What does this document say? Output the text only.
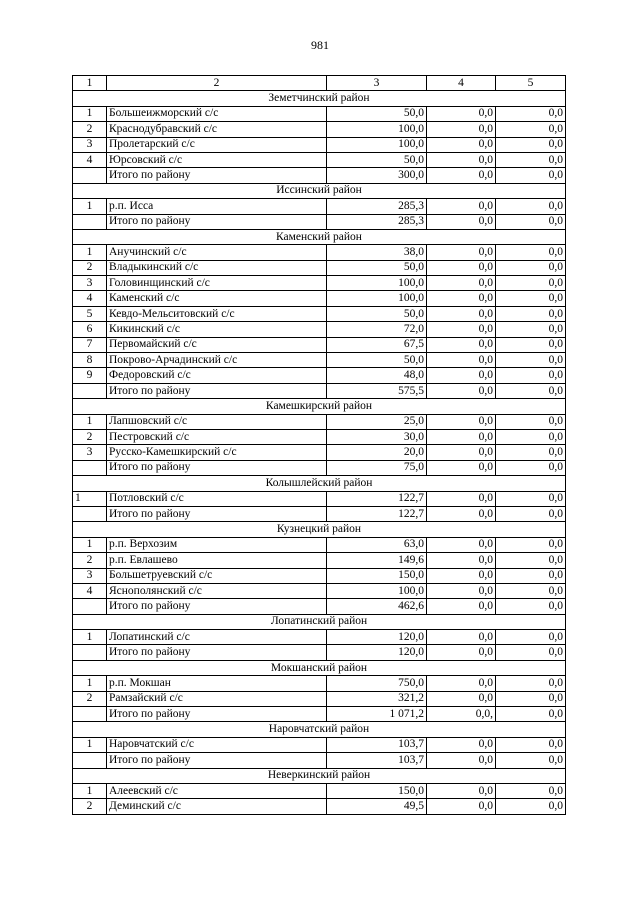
981
1	2	3	4	5
Земетчинский район				
1	Большеижморский с/с	50,0	0,0	0,0
2	Краснодубравский с/с	100,0	0,0	0,0
3	Пролетарский с/с	100,0	0,0	0,0
4	Юрсовский с/с	50,0	0,0	0,0
	Итого по району	300,0	0,0	0,0
Иссинский район				
1	р.п. Исса	285,3	0,0	0,0
	Итого по району	285,3	0,0	0,0
Каменский район				
1	Анучинский с/с	38,0	0,0	0,0
2	Владыкинский с/с	50,0	0,0	0,0
3	Головинщинский с/с	100,0	0,0	0,0
4	Каменский с/с	100,0	0,0	0,0
5	Кевдо-Мельситовский с/с	50,0	0,0	0,0
6	Кикинский с/с	72,0	0,0	0,0
7	Первомайский с/с	67,5	0,0	0,0
8	Покрово-Арчадинский с/с	50,0	0,0	0,0
9	Федоровский с/с	48,0	0,0	0,0
	Итого по району	575,5	0,0	0,0
Камешкирский район				
1	Лапшовский с/с	25,0	0,0	0,0
2	Пестровский с/с	30,0	0,0	0,0
3	Русско-Камешкирский с/с	20,0	0,0	0,0
	Итого по району	75,0	0,0	0,0
Колышлейский район				
1	Потловский с/с	122,7	0,0	0,0
	Итого по району	122,7	0,0	0,0
Кузнецкий район				
1	р.п. Верхозим	63,0	0,0	0,0
2	р.п. Евлашево	149,6	0,0	0,0
3	Большетруевский с/с	150,0	0,0	0,0
4	Яснополянский с/с	100,0	0,0	0,0
	Итого по району	462,6	0,0	0,0
Лопатинский район				
1	Лопатинский с/с	120,0	0,0	0,0
	Итого по району	120,0	0,0	0,0
Мокшанский район				
1	р.п. Мокшан	750,0	0,0	0,0
2	Рамзайский с/с	321,2	0,0	0,0
	Итого по району	1 071,2	0,0,	0,0
Наровчатский район				
1	Наровчатский с/с	103,7	0,0	0,0
	Итого по району	103,7	0,0	0,0
Неверкинский район				
1	Алеевский с/с	150,0	0,0	0,0
2	Деминский с/с	49,5	0,0	0,0
